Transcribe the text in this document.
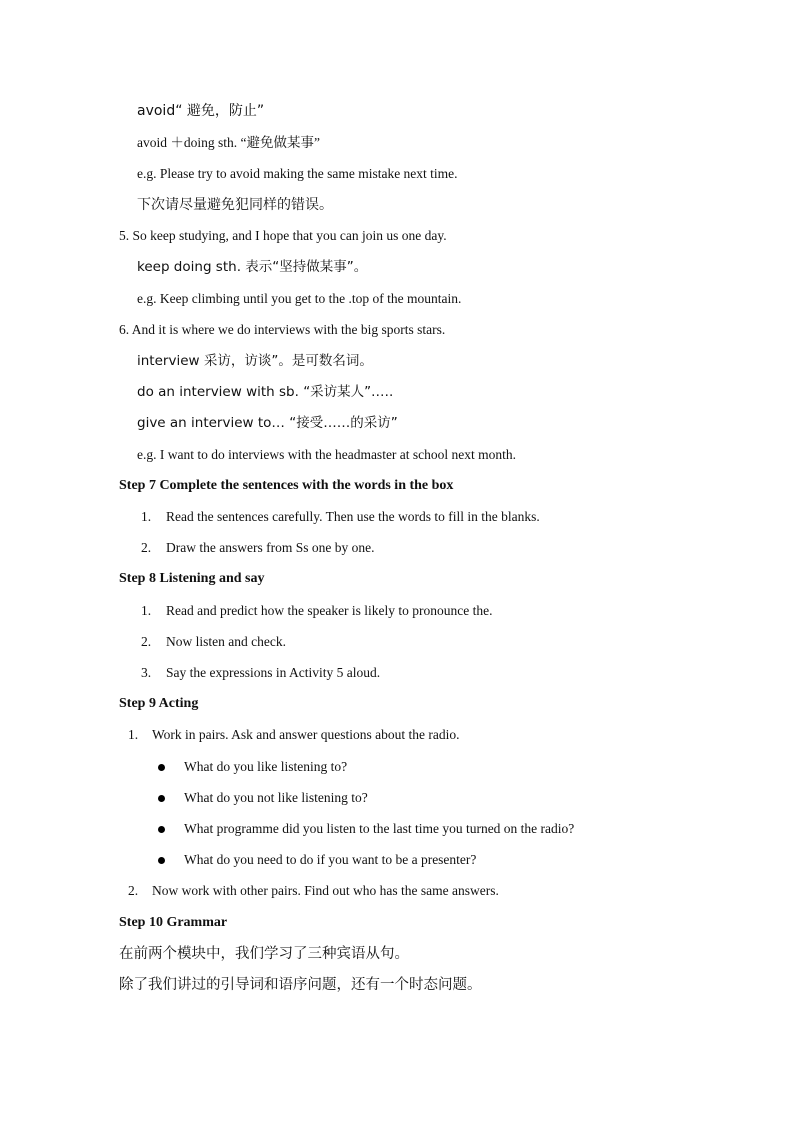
avoid“ 避免，防止”
avoid ＋doing sth. “避免做某事”
e.g. Please try to avoid making the same mistake next time.
下次请尽量避免犯同样的错误。
5. So keep studying, and I hope that you can join us one day.
keep doing sth. 表示“坚持做某事”。
e.g. Keep climbing until you get to the .top of the mountain.
6. And it is where we do interviews with the big sports stars.
interview 采访，访谈”。是可数名词。
do an interview with sb. “采访某人”.….
give an interview to… “接受……的采访”
e.g. I want to do interviews with the headmaster at school next month.
Step 7 Complete the sentences with the words in the box
1. Read the sentences carefully. Then use the words to fill in the blanks.
2. Draw the answers from Ss one by one.
Step 8 Listening and say
1. Read and predict how the speaker is likely to pronounce the.
2. Now listen and check.
3. Say the expressions in Activity 5 aloud.
Step 9 Acting
1. Work in pairs. Ask and answer questions about the radio.
What do you like listening to?
What do you not like listening to?
What programme did you listen to the last time you turned on the radio?
What do you need to do if you want to be a presenter?
2. Now work with other pairs. Find out who has the same answers.
Step 10 Grammar
在前两个模块中，我们学习了三种宾语从句。
除了我们讲过的引导词和语序问题，还有一个时态问题。
